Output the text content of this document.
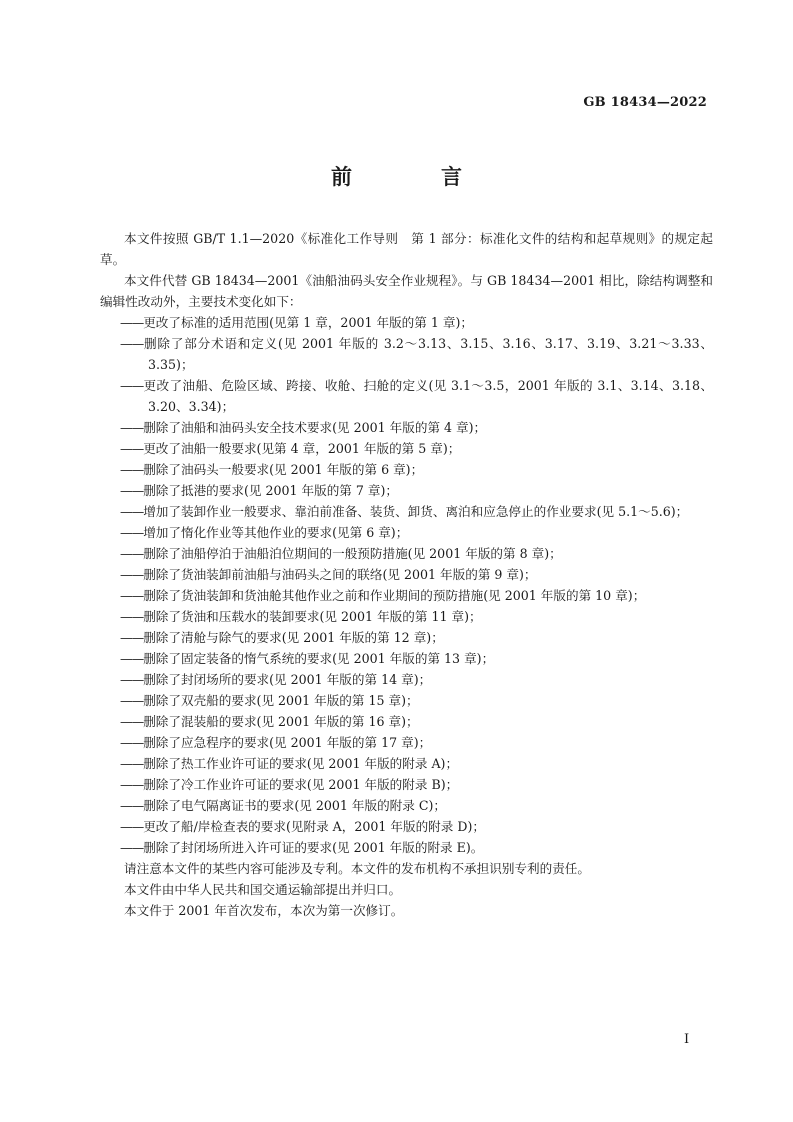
GB 18434—2022
前　言

本文件按照 GB/T 1.1—2020《标准化工作导则　第 1 部分：标准化文件的结构和起草规则》的规定起草。

本文件代替 GB 18434—2001《油船油码头安全作业规程》。与 GB 18434—2001 相比，除结构调整和编辑性改动外，主要技术变化如下：

——更改了标准的适用范围(见第 1 章，2001 年版的第 1 章)；

——删除了部分术语和定义(见 2001 年版的 3.2～3.13、3.15、3.16、3.17、3.19、3.21～3.33、3.35)；

——更改了油船、危险区域、跨接、收舱、扫舱的定义(见 3.1～3.5，2001 年版的 3.1、3.14、3.18、3.20、3.34)；

——删除了油船和油码头安全技术要求(见 2001 年版的第 4 章)；

——更改了油船一般要求(见第 4 章，2001 年版的第 5 章)；

——删除了油码头一般要求(见 2001 年版的第 6 章)；

——删除了抵港的要求(见 2001 年版的第 7 章)；

——增加了装卸作业一般要求、靠泊前准备、装货、卸货、离泊和应急停止的作业要求(见 5.1～5.6)；

——增加了惰化作业等其他作业的要求(见第 6 章)；

——删除了油船停泊于油船泊位期间的一般预防措施(见 2001 年版的第 8 章)；

——删除了货油装卸前油船与油码头之间的联络(见 2001 年版的第 9 章)；

——删除了货油装卸和货油舱其他作业之前和作业期间的预防措施(见 2001 年版的第 10 章)；

——删除了货油和压载水的装卸要求(见 2001 年版的第 11 章)；

——删除了清舱与除气的要求(见 2001 年版的第 12 章)；

——删除了固定装备的惰气系统的要求(见 2001 年版的第 13 章)；

——删除了封闭场所的要求(见 2001 年版的第 14 章)；

——删除了双壳船的要求(见 2001 年版的第 15 章)；

——删除了混装船的要求(见 2001 年版的第 16 章)；

——删除了应急程序的要求(见 2001 年版的第 17 章)；

——删除了热工作业许可证的要求(见 2001 年版的附录 A)；

——删除了冷工作业许可证的要求(见 2001 年版的附录 B)；

——删除了电气隔离证书的要求(见 2001 年版的附录 C)；

——更改了船/岸检查表的要求(见附录 A，2001 年版的附录 D)；

——删除了封闭场所进入许可证的要求(见 2001 年版的附录 E)。

请注意本文件的某些内容可能涉及专利。本文件的发布机构不承担识别专利的责任。

本文件由中华人民共和国交通运输部提出并归口。

本文件于 2001 年首次发布，本次为第一次修订。

I
